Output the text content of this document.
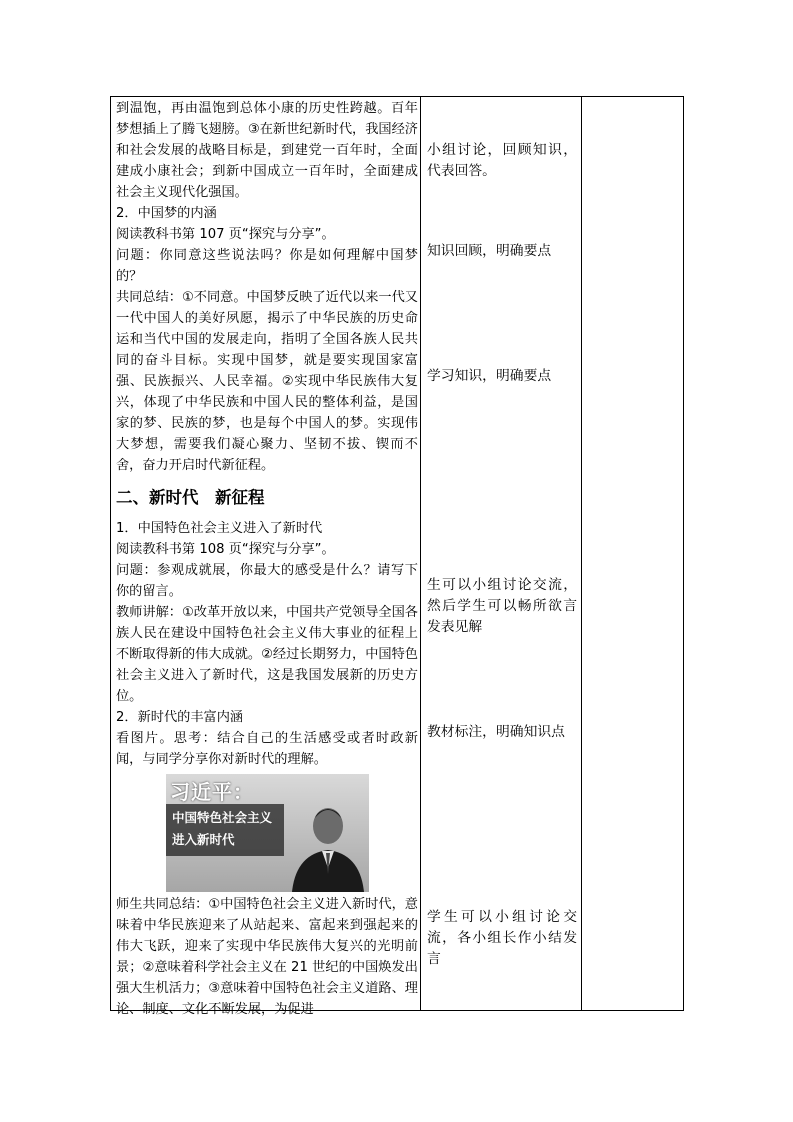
到温饱，再由温饱到总体小康的历史性跨越。百年梦想插上了腾飞翅膀。③在新世纪新时代，我国经济和社会发展的战略目标是，到建党一百年时，全面建成小康社会；到新中国成立一百年时，全面建成社会主义现代化强国。

2．中国梦的内涵

阅读教科书第 107 页“探究与分享”。

问题：你同意这些说法吗？你是如何理解中国梦的？

共同总结：①不同意。中国梦反映了近代以来一代又一代中国人的美好夙愿，揭示了中华民族的历史命运和当代中国的发展走向，指明了全国各族人民共同的奋斗目标。实现中国梦，就是要实现国家富强、民族振兴、人民幸福。②实现中华民族伟大复兴，体现了中华民族和中国人民的整体利益，是国家的梦、民族的梦，也是每个中国人的梦。实现伟大梦想，需要我们凝心聚力、坚韧不拔、锲而不舍，奋力开启时代新征程。

二、新时代　新征程

1．中国特色社会主义进入了新时代

阅读教科书第 108 页“探究与分享”。

问题：参观成就展，你最大的感受是什么？请写下你的留言。

教师讲解：①改革开放以来，中国共产党领导全国各族人民在建设中国特色社会主义伟大事业的征程上不断取得新的伟大成就。②经过长期努力，中国特色社会主义进入了新时代，这是我国发展新的历史方位。

2．新时代的丰富内涵

看图片。思考：结合自己的生活感受或者时政新闻，与同学分享你对新时代的理解。

习近平：
中国特色社会主义
进入新时代

师生共同总结：①中国特色社会主义进入新时代，意味着中华民族迎来了从站起来、富起来到强起来的伟大飞跃，迎来了实现中华民族伟大复兴的光明前景；②意味着科学社会主义在 21 世纪的中国焕发出强大生机活力；③意味着中国特色社会主义道路、理论、制度、文化不断发展，为促进

小组讨论，回顾知识，代表回答。
知识回顾，明确要点
学习知识，明确要点
生可以小组讨论交流，然后学生可以畅所欲言发表见解
教材标注，明确知识点
学生可以小组讨论交流，各小组长作小结发言
